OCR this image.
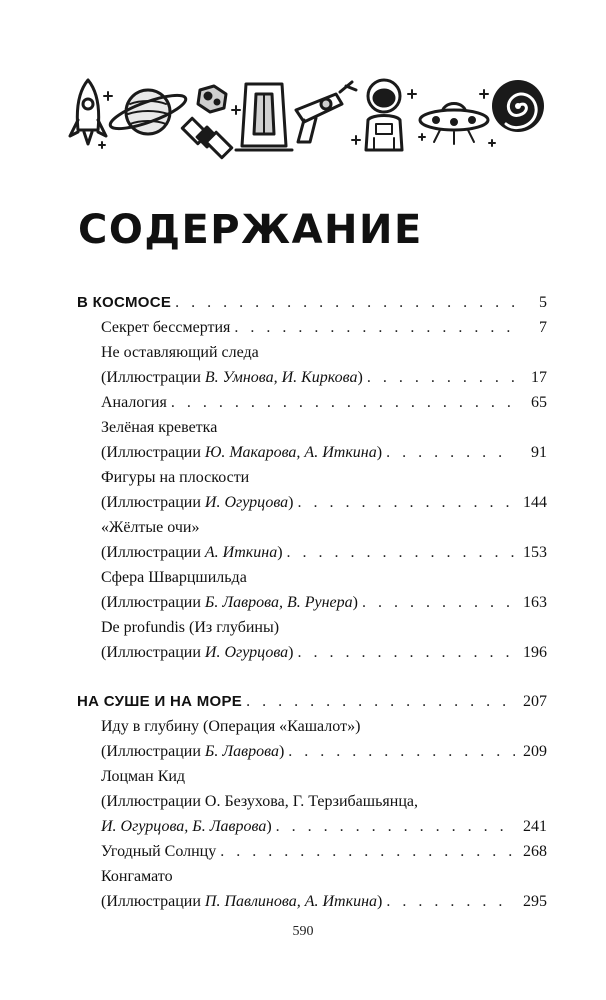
СОДЕРЖАНИЕ
В КОСМОСЕ . . .	5
Секрет бессмертия . . .	7
Не оставляющий следа
(Иллюстрации В. Умнова, И. Киркова) . . .	17
Аналогия . . .	65
Зелёная креветка
(Иллюстрации Ю. Макарова, А. Иткина) . . .	91
Фигуры на плоскости
(Иллюстрации И. Огурцова) . . .	144
«Жёлтые очи»
(Иллюстрации А. Иткина) . . .	153
Сфера Шварцшильда
(Иллюстрации Б. Лаврова, В. Рунера) . . .	163
De profundis (Из глубины)
(Иллюстрации И. Огурцова) . . .	196
НА СУШЕ И НА МОРЕ . . .	207
Иду в глубину (Операция «Кашалот»)
(Иллюстрации Б. Лаврова) . . .	209
Лоцман Кид
(Иллюстрации О. Безухова, Г. Терзибашьянца,
И. Огурцова, Б. Лаврова) . . .	241
Угодный Солнцу . . .	268
Конгамато
(Иллюстрации П. Павлинова, А. Иткина) . . .	295
590
